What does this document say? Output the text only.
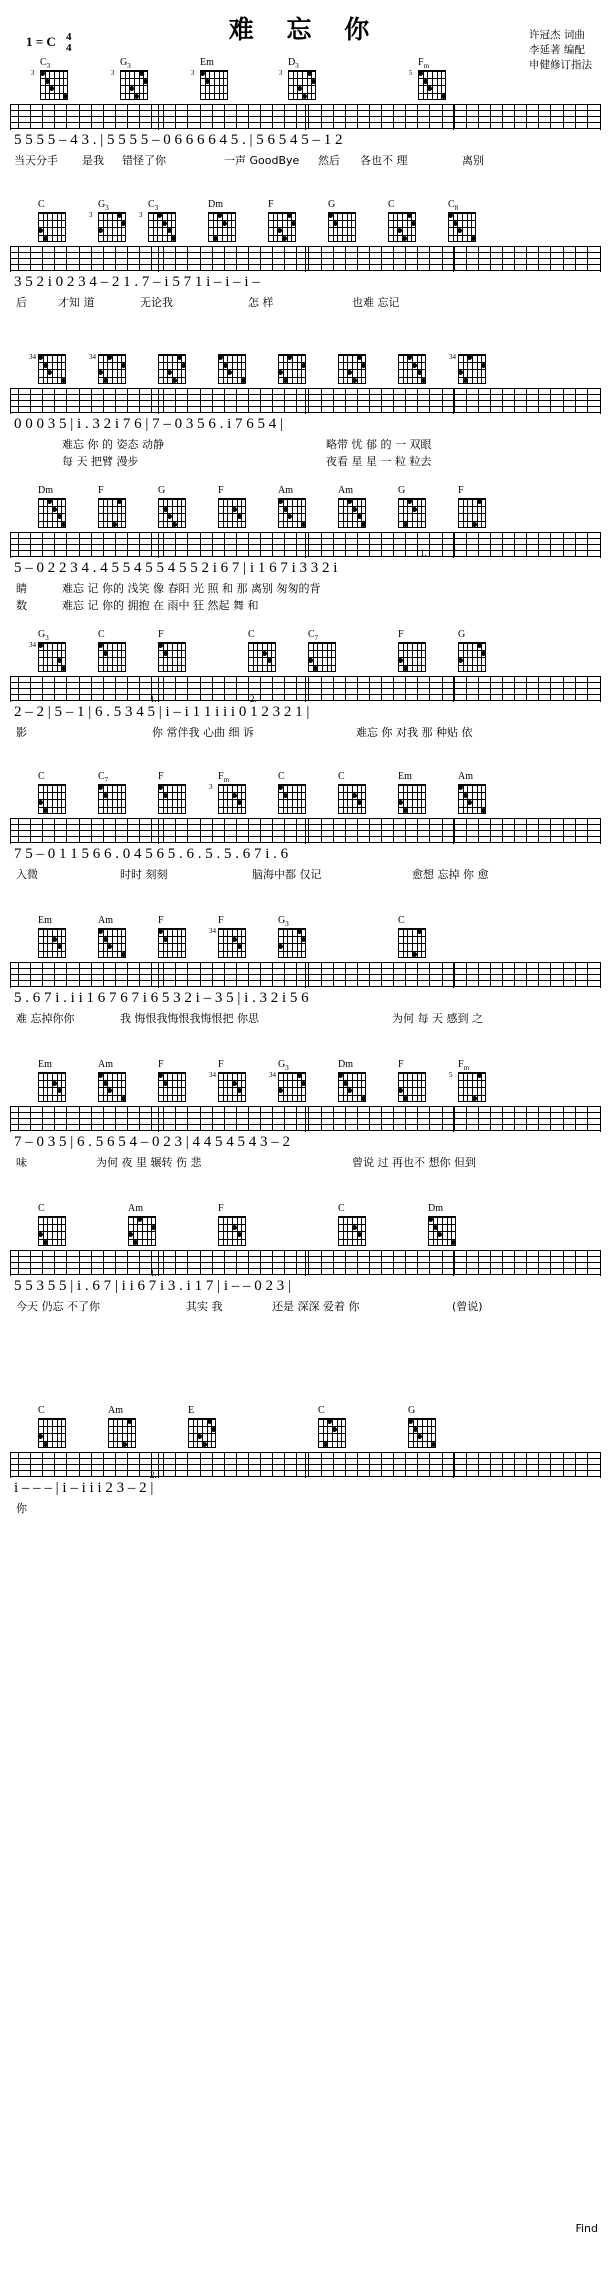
难 忘 你
1 = C 4
4
许冠杰 词曲
李延著 编配
申健修订指法
$C_3$
3
$G_3$
3
Em
3
$D_3$
3
$F_m$
5
5 5 5 5 – 4 3 . | 5 5 5 5 – 0 6 6 6 6 4 5 . | 5 6 5 4 5 – 1 2
当天分手 是我 错怪了你	一声 GoodBye 然后 各也不 理	离别
C	$G_3$
3
$C_3$
3
Dm	F	G	C	$C_8$
3 5 2 i 0 2 3 4 – 2 1 . 7 – i 5 7 1 i – i – i –
后	才知 道	无论我	怎 样	也难 忘记
34	34	34
0 0 0 3 5 | i . 3 2 i 7 6 | 7 – 0 3 5 6 . i 7 6 5 4 |
难忘 你 的 姿态 动静	略带 忧 郁 的 一 双眼
每 天 把臂 漫步	夜看 星 星 一 粒 粒去
Dm	F	G	F	Am	Am	G	F
5 – 0 2 2 3 4 . 4 5 5 4 5 5 4 5 5 2 i 6 7 | i 1 6 7 i 3 3 2 i
1.
睛	难忘 记 你的 浅笑 像 春阳 光 照 和 那 离别 匆匆的背
数	难忘 记 你的 拥抱 在 雨中 狂 然起 舞 和
$G_3$
34
C	F	C	$C_7$	F	G
2 – 2 | 5 – 1 | 6 . 5 3 4 5 | i – i 1 1 i i i 0 1 2 3 2 1 |
1.	2.
影	你 常伴我 心曲 细 诉	难忘 你 对我 那 种贴 依
C	$C_7$	F	$F_m$
3
C	C	Em	Am
7 5 – 0 1 1 5 6 6 . 0 4 5 6 5 . 6 . 5 . 5 . 6 7 i . 6
入微	时时 刻刻	脑海中都 仅记	愈想 忘掉 你 愈
Em	Am	F	F
34
$G_3$	C
5 . 6 7 i . i i 1 6 7 6 7 i 6 5 3 2 i – 3 5 | i . 3 2 i 5 6
难 忘掉你你	我 悔恨我悔恨我悔恨把 你思	为何 每 天 感到 之
Em	Am	F	F
34
$G_3$
34
Dm	F	$F_m$
5
7 – 0 3 5 | 6 . 5 6 5 4 – 0 2 3 | 4 4 5 4 5 4 3 – 2
味	为何 夜 里 辗转 伤 悲	曾说 过 再也不 想你 但到
C	Am	F	C	Dm
5 5 3 5 5 | i . 6 7 | i i 6 7 i 3 . i 1 7 | i – – 0 2 3 |
1.
今天 仍忘 不了你	其实 我	还是 深深 爱着 你	(曾说)
C	Am	E	C	G
i – – – | i – i i i 2 3 – 2 |
2.
你
Find
